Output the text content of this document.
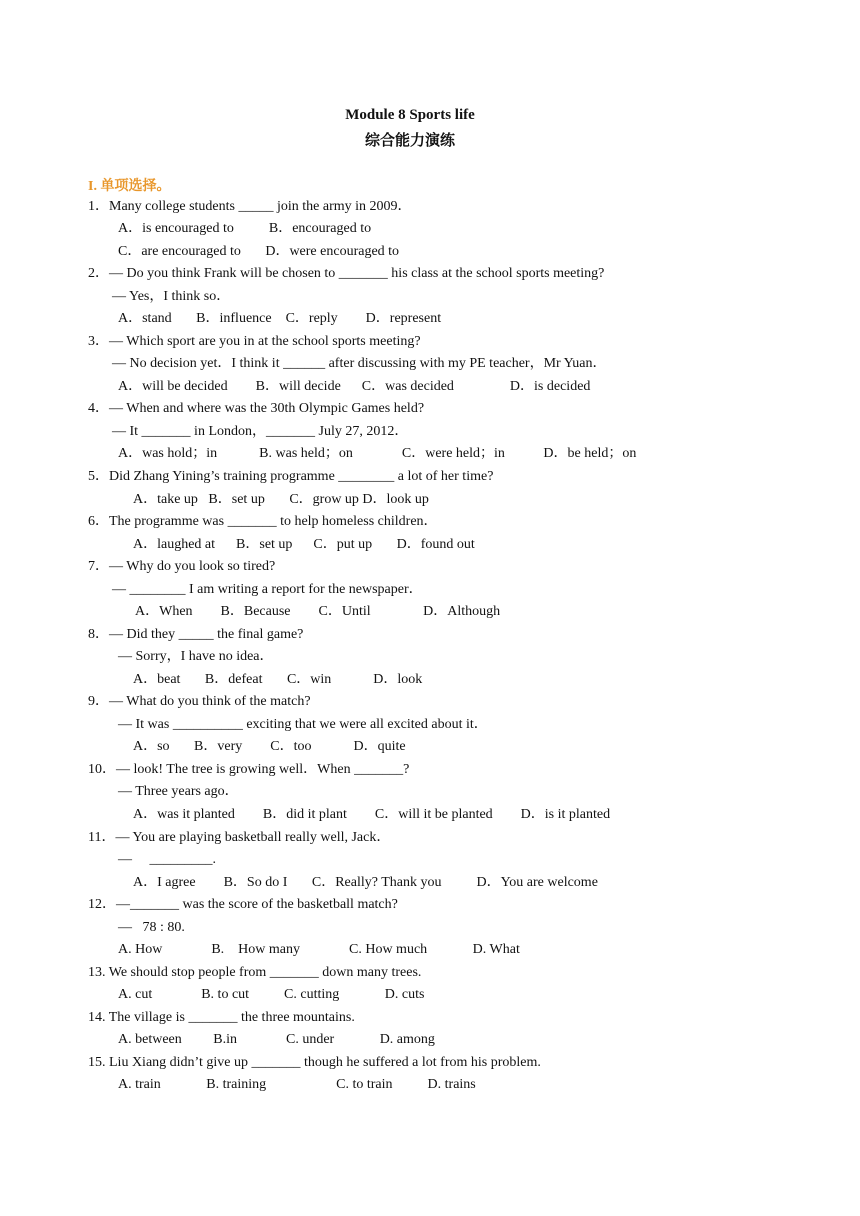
Module 8 Sports life
综合能力演练
I. 单项选择。
1．Many college students _____ join the army in 2009．
A．is encouraged to          B．encouraged to
C．are encouraged to       D．were encouraged to
2．— Do you think Frank will be chosen to _______ his class at the school sports meeting?
— Yes，I think so．
A．stand       B．influence    C．reply        D．represent
3．— Which sport are you in at the school sports meeting?
— No decision yet．I think it ______ after discussing with my PE teacher，Mr Yuan．
A．will be decided        B．will decide      C．was decided                D．is decided
4．— When and where was the 30th Olympic Games held?
— It _______ in London，_______ July 27, 2012．
A．was hold；in            B. was held；on              C．were held；in           D．be held；on
5．Did Zhang Yining’s training programme ________ a lot of her time?
A．take up   B．set up       C．grow up D．look up
6．The programme was _______ to help homeless children．
A．laughed at      B．set up      C．put up       D．found out
7．— Why do you look so tired?
— ________ I am writing a report for the newspaper．
A．When        B．Because        C．Until               D．Although
8．— Did they _____ the final game?
— Sorry，I have no idea．
A．beat       B．defeat       C．win            D．look
9．— What do you think of the match?
— It was __________ exciting that we were all excited about it．
A．so       B．very        C．too            D．quite
10．— look! The tree is growing well．When _______?
— Three years ago．
A．was it planted        B．did it plant        C．will it be planted        D．is it planted
11．— You are playing basketball really well, Jack．
—     _________.
A．I agree        B．So do I       C．Really? Thank you          D．You are welcome
12．—_______ was the score of the basketball match?
—   78 : 80.
A. How              B.    How many              C. How much             D. What
13. We should stop people from _______ down many trees.
A. cut              B. to cut          C. cutting             D. cuts
14. The village is _______ the three mountains.
A. between         B.in              C. under             D. among
15. Liu Xiang didn’t give up _______ though he suffered a lot from his problem.
A. train             B. training                    C. to train          D. trains
